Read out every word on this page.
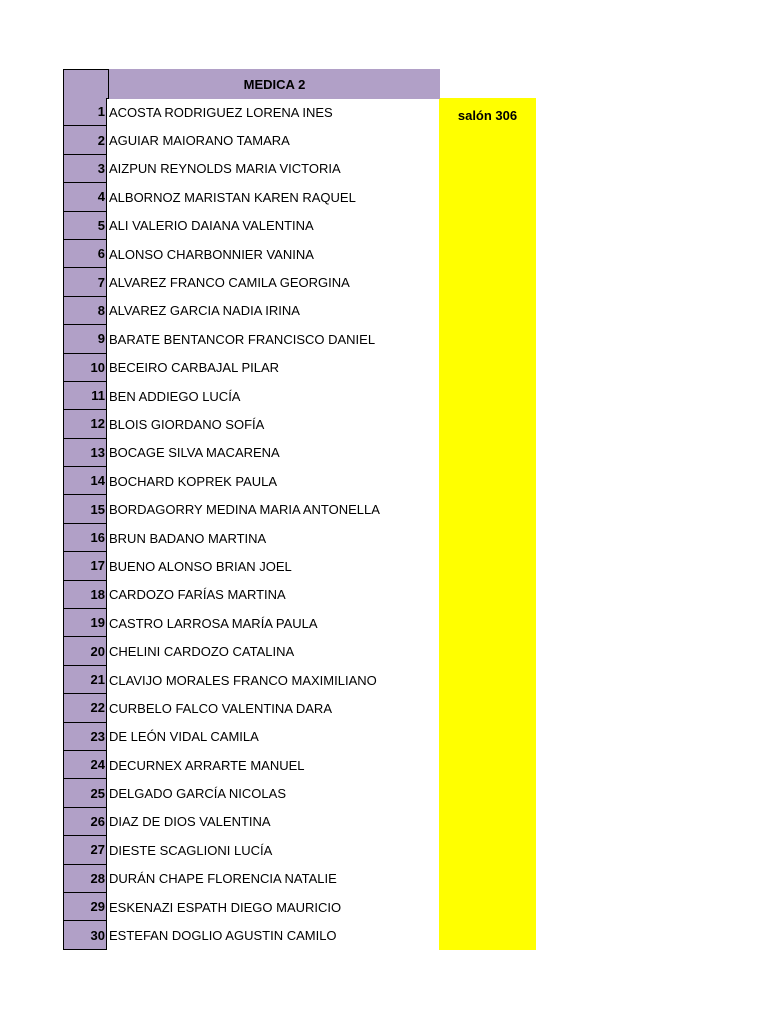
salón 306
MEDICA 2
1 ACOSTA RODRIGUEZ LORENA INES
2 AGUIAR MAIORANO TAMARA
3 AIZPUN REYNOLDS MARIA VICTORIA
4 ALBORNOZ MARISTAN KAREN RAQUEL
5 ALI VALERIO DAIANA VALENTINA
6 ALONSO CHARBONNIER VANINA
7 ALVAREZ FRANCO CAMILA GEORGINA
8 ALVAREZ GARCIA NADIA IRINA
9 BARATE BENTANCOR FRANCISCO DANIEL
10 BECEIRO CARBAJAL PILAR
11 BEN ADDIEGO LUCÍA
12 BLOIS GIORDANO SOFÍA
13 BOCAGE SILVA MACARENA
14 BOCHARD KOPREK PAULA
15 BORDAGORRY MEDINA MARIA ANTONELLA
16 BRUN BADANO MARTINA
17 BUENO ALONSO BRIAN JOEL
18 CARDOZO FARÍAS MARTINA
19 CASTRO LARROSA MARÍA PAULA
20 CHELINI CARDOZO CATALINA
21 CLAVIJO MORALES FRANCO MAXIMILIANO
22 CURBELO FALCO VALENTINA DARA
23 DE LEÓN VIDAL CAMILA
24 DECURNEX ARRARTE MANUEL
25 DELGADO GARCÍA NICOLAS
26 DIAZ DE DIOS VALENTINA
27 DIESTE SCAGLIONI LUCÍA
28 DURÁN CHAPE FLORENCIA NATALIE
29 ESKENAZI ESPATH DIEGO MAURICIO
30 ESTEFAN DOGLIO AGUSTIN CAMILO
